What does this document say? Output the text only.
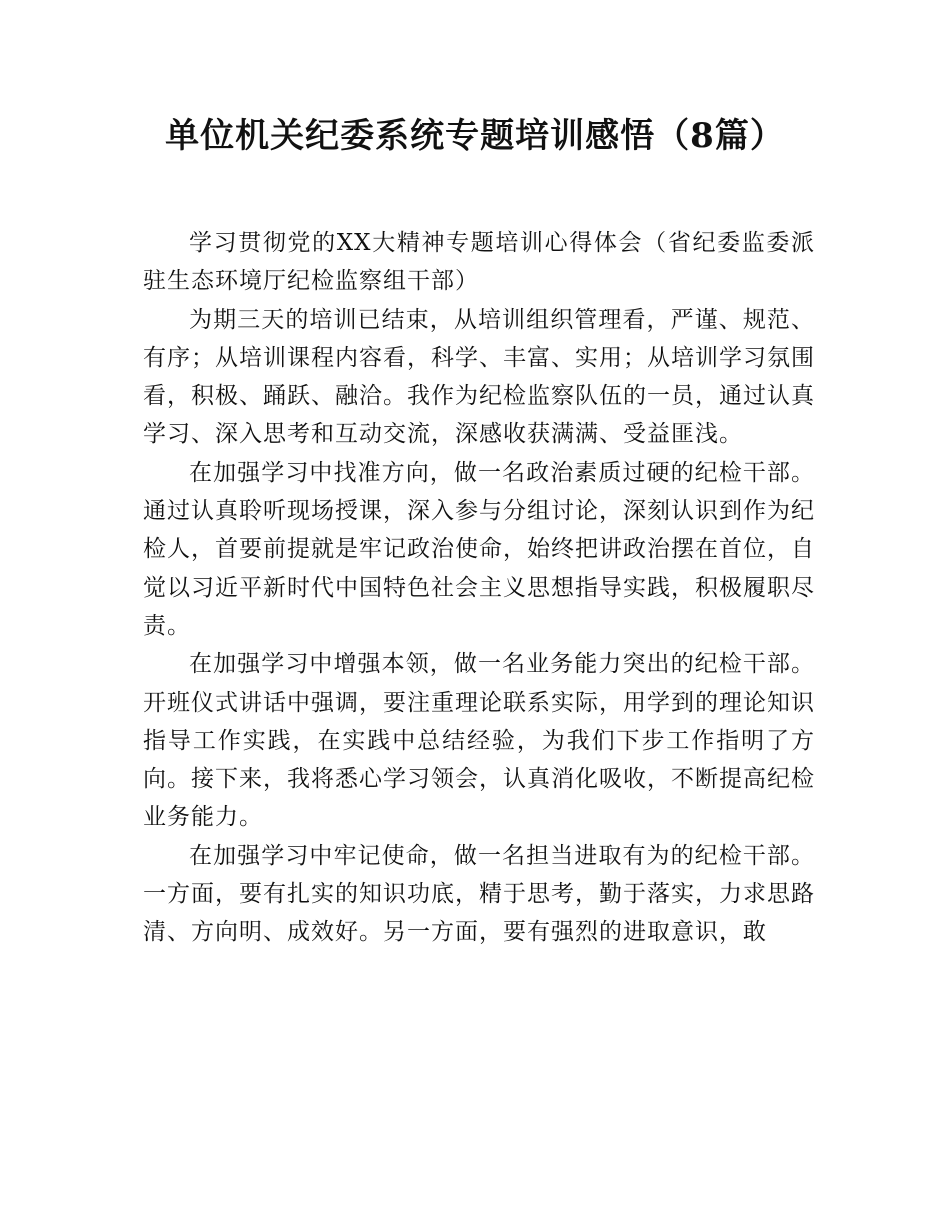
单位机关纪委系统专题培训感悟（8篇）

学习贯彻党的XX大精神专题培训心得体会（省纪委监委派驻生态环境厅纪检监察组干部）

为期三天的培训已结束，从培训组织管理看，严谨、规范、有序；从培训课程内容看，科学、丰富、实用；从培训学习氛围看，积极、踊跃、融洽。我作为纪检监察队伍的一员，通过认真学习、深入思考和互动交流，深感收获满满、受益匪浅。

在加强学习中找准方向，做一名政治素质过硬的纪检干部。通过认真聆听现场授课，深入参与分组讨论，深刻认识到作为纪检人，首要前提就是牢记政治使命，始终把讲政治摆在首位，自觉以习近平新时代中国特色社会主义思想指导实践，积极履职尽责。

在加强学习中增强本领，做一名业务能力突出的纪检干部。开班仪式讲话中强调，要注重理论联系实际，用学到的理论知识指导工作实践，在实践中总结经验，为我们下步工作指明了方向。接下来，我将悉心学习领会，认真消化吸收，不断提高纪检业务能力。

在加强学习中牢记使命，做一名担当进取有为的纪检干部。一方面，要有扎实的知识功底，精于思考，勤于落实，力求思路清、方向明、成效好。另一方面，要有强烈的进取意识，敢
